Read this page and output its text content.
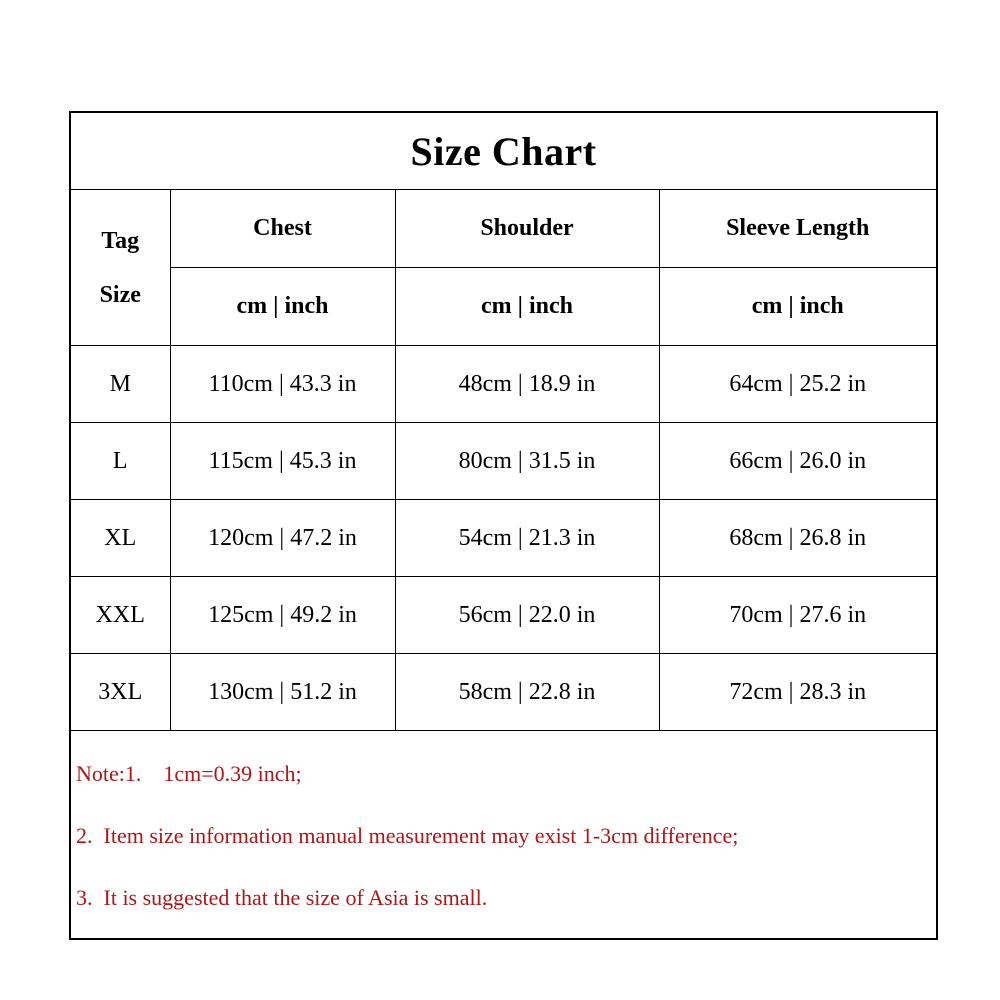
Size Chart
Tag
Size	Chest	Shoulder	Sleeve Length
	cm | inch	cm | inch	cm | inch
M	110cm | 43.3 in	48cm | 18.9 in	64cm | 25.2 in
L	115cm | 45.3 in	80cm | 31.5 in	66cm | 26.0 in
XL	120cm | 47.2 in	54cm | 21.3 in	68cm | 26.8 in
XXL	125cm | 49.2 in	56cm | 22.0 in	70cm | 27.6 in
3XL	130cm | 51.2 in	58cm | 22.8 in	72cm | 28.3 in
Note:1.    1cm=0.39 inch;
2.  Item size information manual measurement may exist 1-3cm difference;
3.  It is suggested that the size of Asia is small.
